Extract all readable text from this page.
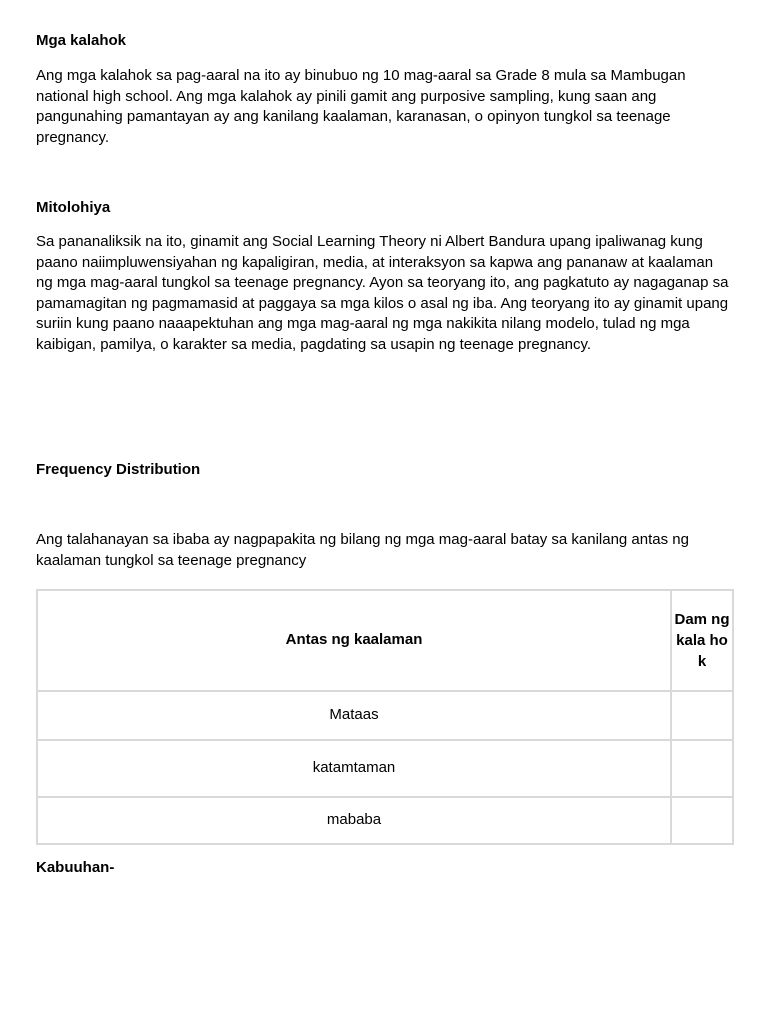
Mga kalahok

Ang mga kalahok sa pag-aaral na ito ay binubuo ng 10 mag-aaral sa Grade 8 mula sa Mambugan national high school. Ang mga kalahok ay pinili gamit ang purposive sampling, kung saan ang pangunahing pamantayan ay ang kanilang kaalaman, karanasan, o opinyon tungkol sa teenage pregnancy.

Mitolohiya

Sa pananaliksik na ito, ginamit ang Social Learning Theory ni Albert Bandura upang ipaliwanag kung paano naiimpluwensiyahan ng kapaligiran, media, at interaksyon sa kapwa ang pananaw at kaalaman ng mga mag-aaral tungkol sa teenage pregnancy. Ayon sa teoryang ito, ang pagkatuto ay nagaganap sa pamamagitan ng pagmamasid at paggaya sa mga kilos o asal ng iba. Ang teoryang ito ay ginamit upang suriin kung paano naaapektuhan ang mga mag-aaral ng mga nakikita nilang modelo, tulad ng mga kaibigan, pamilya, o karakter sa media, pagdating sa usapin ng teenage pregnancy.

Frequency Distribution

Ang talahanayan sa ibaba ay nagpapakita ng bilang ng mga mag-aaral batay sa kanilang antas ng kaalaman tungkol sa teenage pregnancy

Antas ng kaalaman	Dam ng kala hok
Mataas	
katamtaman	
mababa	
Kabuuhan-
